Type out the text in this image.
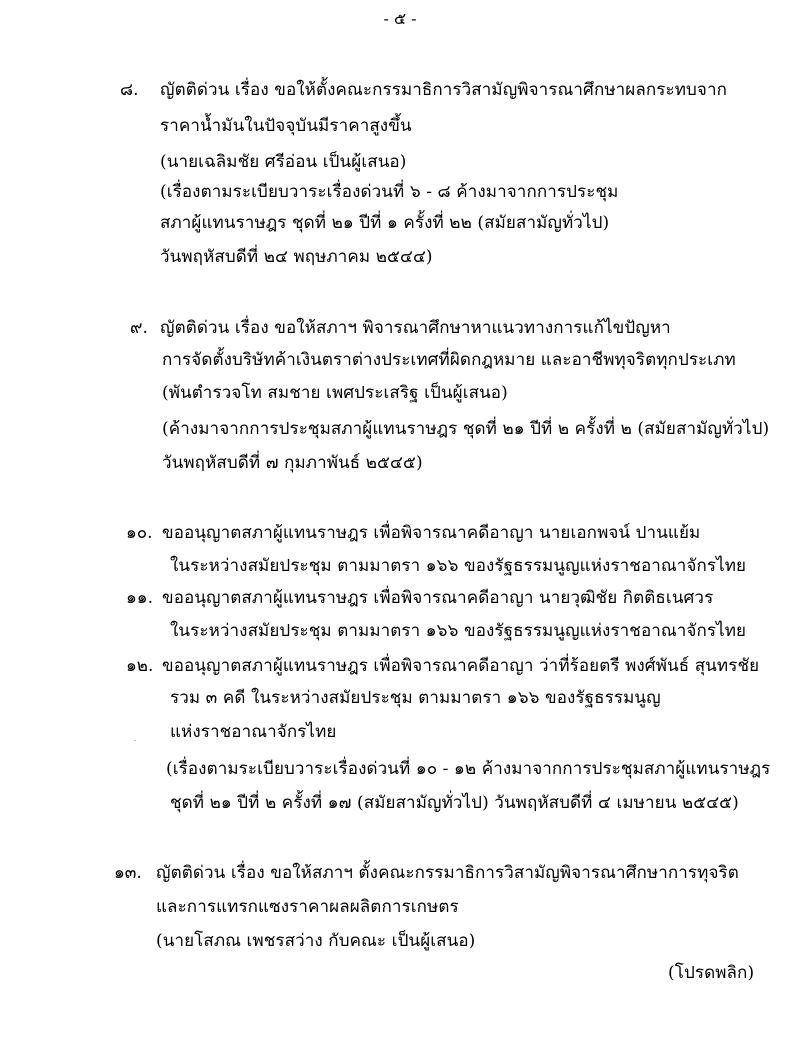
- ๕ -
๘. ญัตติด่วน เรื่อง ขอให้ตั้งคณะกรรมาธิการวิสามัญพิจารณาศึกษาผลกระทบจาก
ราคาน้ำมันในปัจจุบันมีราคาสูงขึ้น
(นายเฉลิมชัย ศรีอ่อน เป็นผู้เสนอ)
(เรื่องตามระเบียบวาระเรื่องด่วนที่ ๖ - ๘ ค้างมาจากการประชุม
สภาผู้แทนราษฎร ชุดที่ ๒๑ ปีที่ ๑ ครั้งที่ ๒๒ (สมัยสามัญทั่วไป)
วันพฤหัสบดีที่ ๒๔ พฤษภาคม ๒๕๔๔)
๙. ญัตติด่วน เรื่อง ขอให้สภาฯ พิจารณาศึกษาหาแนวทางการแก้ไขปัญหา
การจัดตั้งบริษัทค้าเงินตราต่างประเทศที่ผิดกฎหมาย และอาชีพทุจริตทุกประเภท
(พันตำรวจโท สมชาย เพศประเสริฐ เป็นผู้เสนอ)
(ค้างมาจากการประชุมสภาผู้แทนราษฎร ชุดที่ ๒๑ ปีที่ ๒ ครั้งที่ ๒ (สมัยสามัญทั่วไป)
วันพฤหัสบดีที่ ๗ กุมภาพันธ์ ๒๕๔๕)
๑๐. ขออนุญาตสภาผู้แทนราษฎร เพื่อพิจารณาคดีอาญา นายเอกพจน์ ปานแย้ม
ในระหว่างสมัยประชุม ตามมาตรา ๑๖๖ ของรัฐธรรมนูญแห่งราชอาณาจักรไทย
๑๑. ขออนุญาตสภาผู้แทนราษฎร เพื่อพิจารณาคดีอาญา นายวุฒิชัย กิตติธเนศวร
ในระหว่างสมัยประชุม ตามมาตรา ๑๖๖ ของรัฐธรรมนูญแห่งราชอาณาจักรไทย
๑๒. ขออนุญาตสภาผู้แทนราษฎร เพื่อพิจารณาคดีอาญา ว่าที่ร้อยตรี พงศ์พันธ์ สุนทรชัย
รวม ๓ คดี ในระหว่างสมัยประชุม ตามมาตรา ๑๖๖ ของรัฐธรรมนูญ
แห่งราชอาณาจักรไทย
(เรื่องตามระเบียบวาระเรื่องด่วนที่ ๑๐ - ๑๒ ค้างมาจากการประชุมสภาผู้แทนราษฎร
ชุดที่ ๒๑ ปีที่ ๒ ครั้งที่ ๑๗ (สมัยสามัญทั่วไป) วันพฤหัสบดีที่ ๔ เมษายน ๒๕๔๕)
๑๓. ญัตติด่วน เรื่อง ขอให้สภาฯ ตั้งคณะกรรมาธิการวิสามัญพิจารณาศึกษาการทุจริต
และการแทรกแซงราคาผลผลิตการเกษตร
(นายโสภณ เพชรสว่าง กับคณะ เป็นผู้เสนอ)
(โปรดพลิก)
